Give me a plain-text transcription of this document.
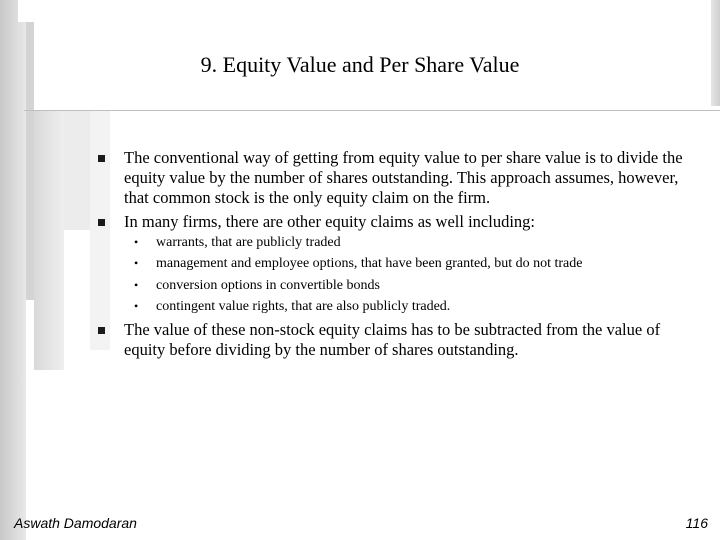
9. Equity Value and Per Share Value
The conventional way of getting from equity value to per share value is to divide the equity value by the number of shares outstanding. This approach assumes, however, that common stock is the only equity claim on the firm.
In many firms, there are other equity claims as well including:
• warrants, that are publicly traded
• management and employee options, that have been granted, but do not trade
• conversion options in convertible bonds
• contingent value rights, that are also publicly traded.
The value of these non-stock equity claims has to be subtracted from the value of equity before dividing by the number of shares outstanding.
Aswath Damodaran	116
